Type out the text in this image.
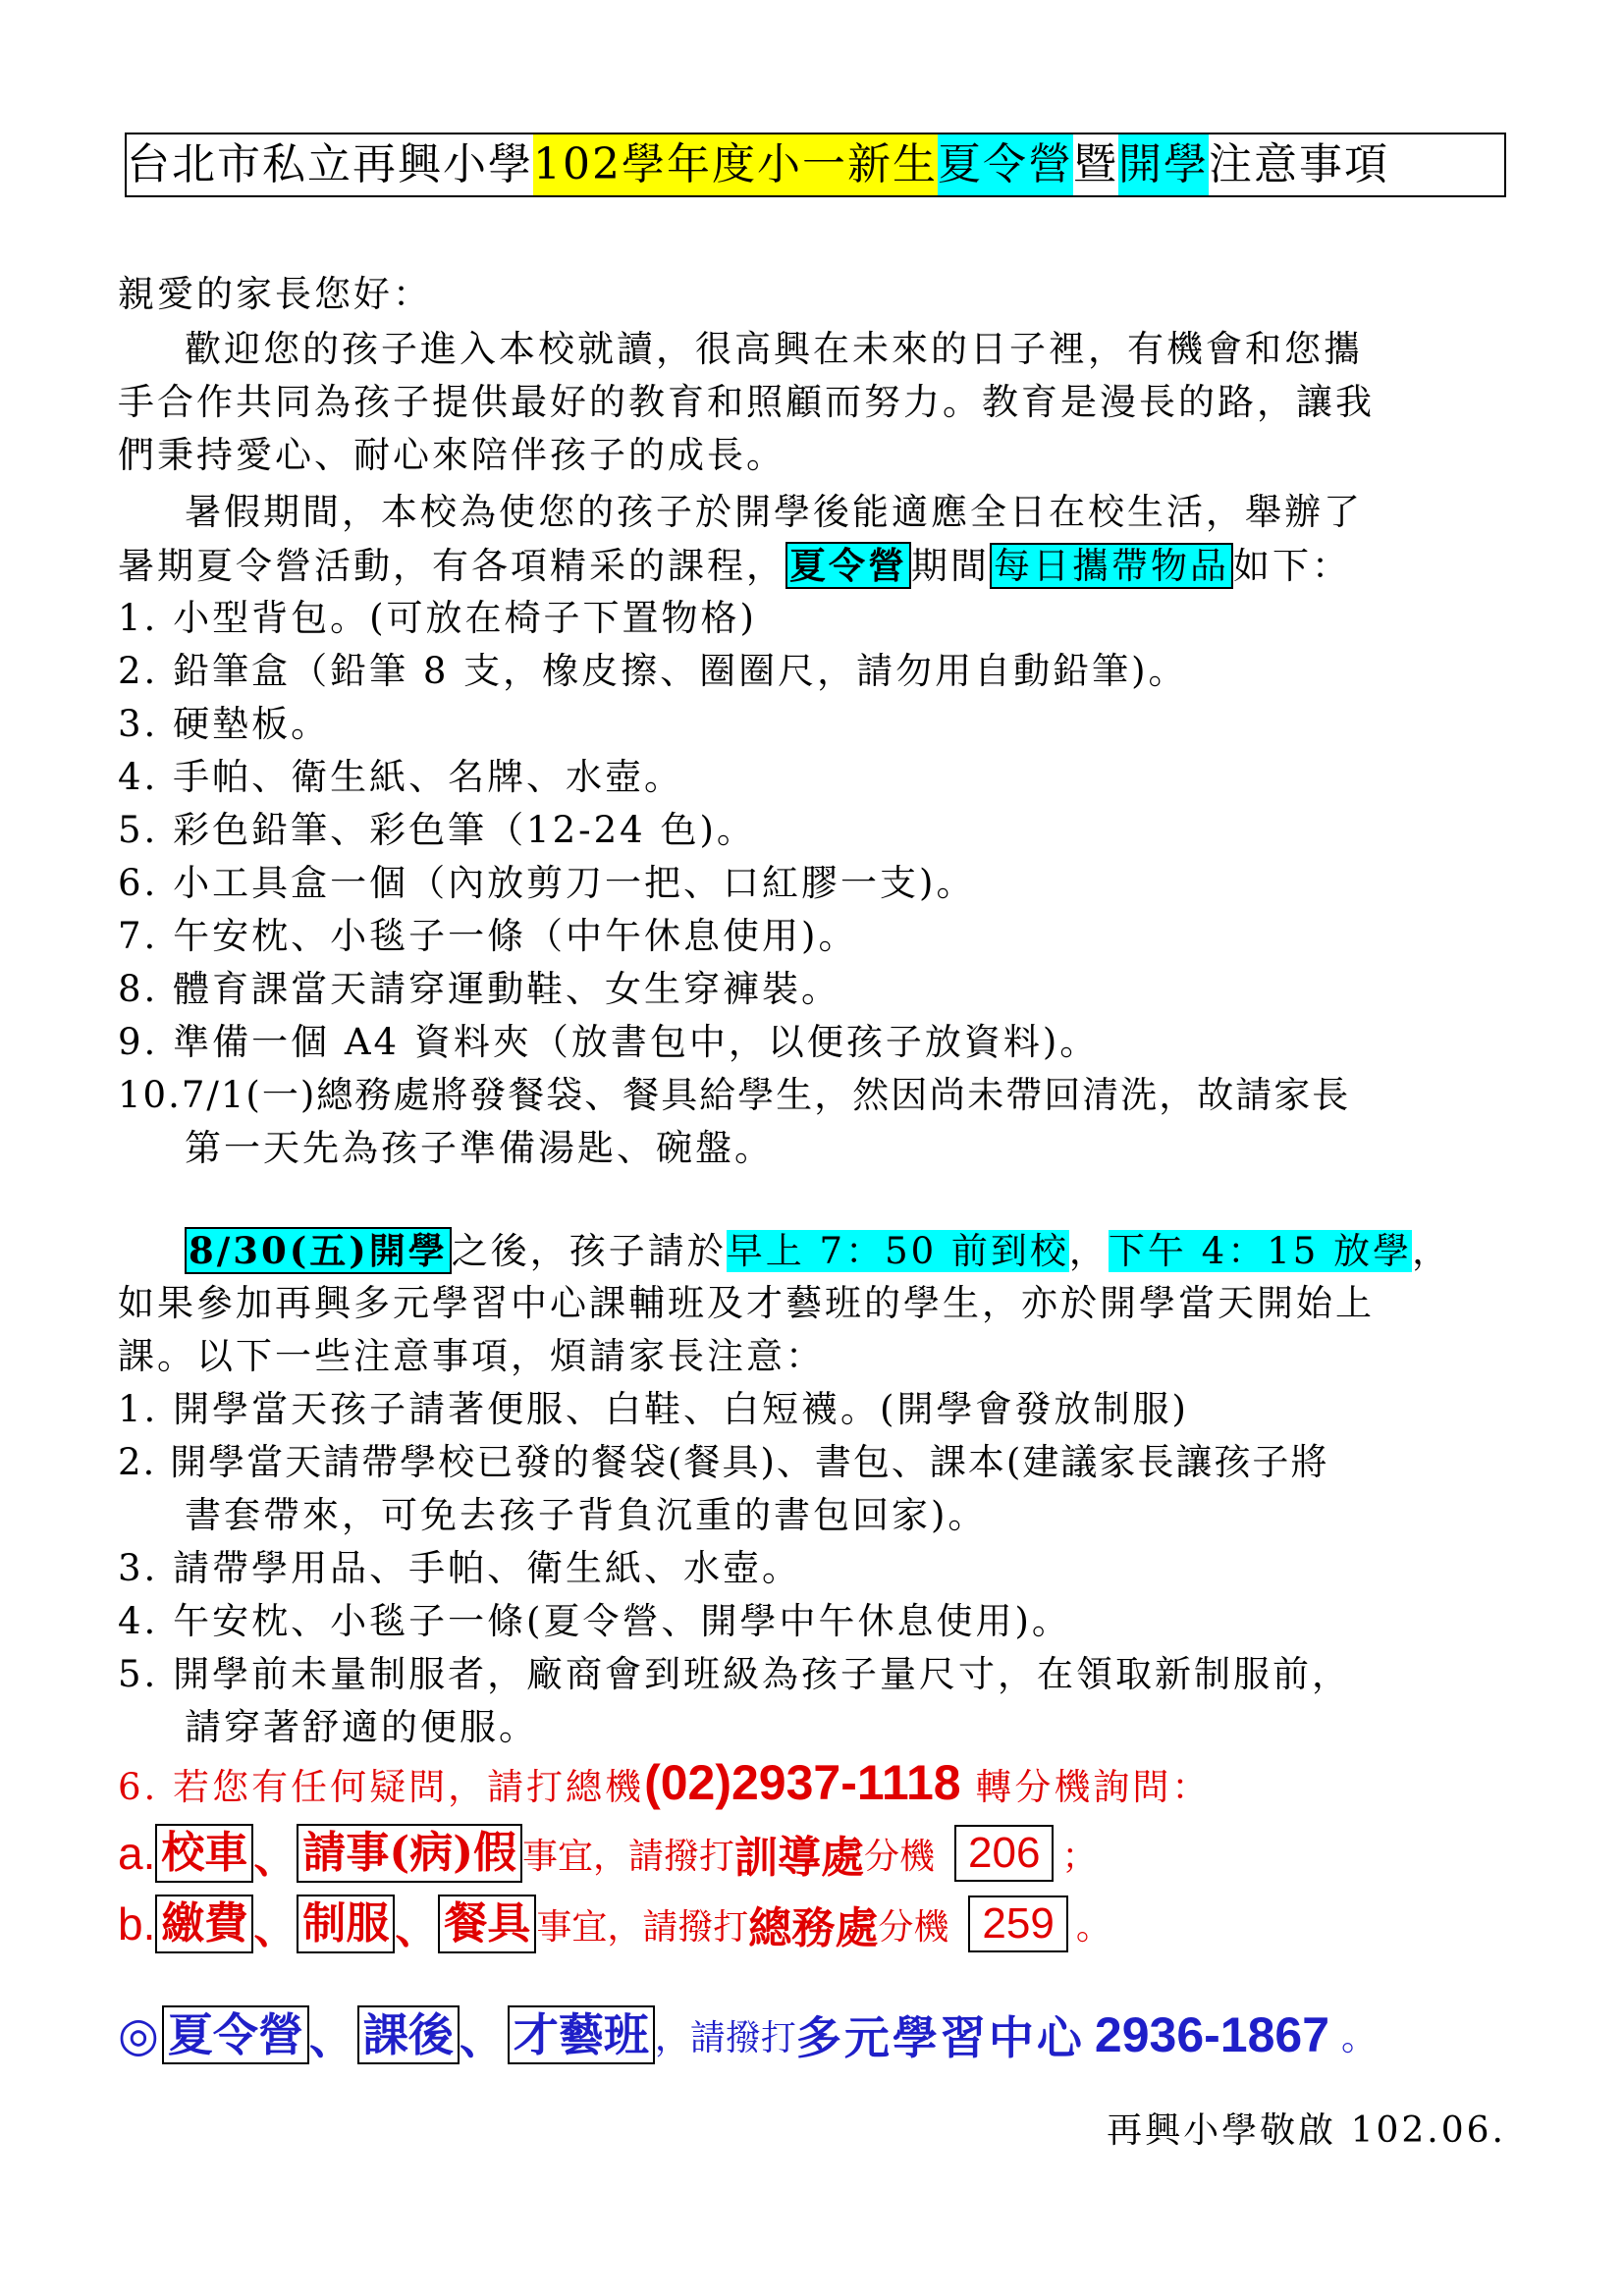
台北市私立再興小學 102學年度小一新生 夏令營 暨 開學 注意事項
親愛的家長您好：
歡迎您的孩子進入本校就讀，很高興在未來的日子裡，有機會和您攜
手合作共同為孩子提供最好的教育和照顧而努力。教育是漫長的路，讓我
們秉持愛心、耐心來陪伴孩子的成長。
暑假期間，本校為使您的孩子於開學後能適應全日在校生活，舉辦了
暑期夏令營活動，有各項精采的課程， 夏令營 期間 每日攜帶物品 如下：
1. 小型背包。(可放在椅子下置物格)
2. 鉛筆盒（鉛筆 8 支，橡皮擦、圈圈尺，請勿用自動鉛筆)。
3. 硬墊板。
4. 手帕、衛生紙、名牌、水壺。
5. 彩色鉛筆、彩色筆（12-24 色)。
6. 小工具盒一個（內放剪刀一把、口紅膠一支)。
7. 午安枕、小毯子一條（中午休息使用)。
8. 體育課當天請穿運動鞋、女生穿褲裝。
9. 準備一個 A4 資料夾（放書包中，以便孩子放資料)。
10.7/1(一)總務處將發餐袋、餐具給學生，然因尚未帶回清洗，故請家長
第一天先為孩子準備湯匙、碗盤。
8/30(五)開學 之後，孩子請於早上 7：50 前到校，下午 4：15 放學，
如果參加再興多元學習中心課輔班及才藝班的學生，亦於開學當天開始上
課。以下一些注意事項，煩請家長注意：
1. 開學當天孩子請著便服、白鞋、白短襪。(開學會發放制服)
2. 開學當天請帶學校已發的餐袋(餐具)、書包、課本(建議家長讓孩子將
書套帶來，可免去孩子背負沉重的書包回家)。
3. 請帶學用品、手帕、衛生紙、水壺。
4. 午安枕、小毯子一條(夏令營、開學中午休息使用)。
5. 開學前未量制服者，廠商會到班級為孩子量尺寸，在領取新制服前，
請穿著舒適的便服。
6. 若您有任何疑問，請打總機(02)2937-1118 轉分機詢問：
a. 校車 、 請事(病)假 事宜，請撥打 訓導處 分機 206 ；
b. 繳費 、 制服 、 餐具 事宜，請撥打 總務處 分機 259 。
◎ 夏令營 、 課後 、 才藝班 ，請撥打 多元學習中心 2936-1867 。
再興小學敬啟 102.06.
